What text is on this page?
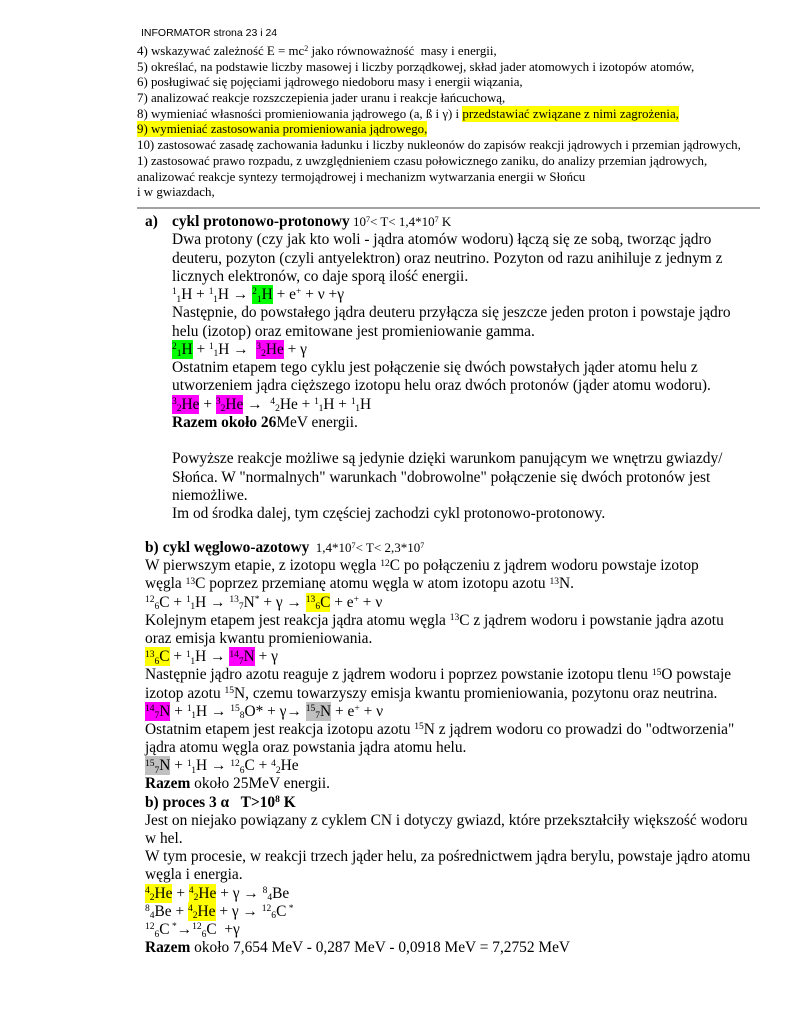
INFORMATOR strona 23 i 24
4) wskazywać zależność $E = mc^2$ jako równoważność  masy i energii,
5) określać, na podstawie liczby masowej i liczby porządkowej, skład jader atomowych i izotopów atomów,
6) posługiwać się pojęciami jądrowego niedoboru masy i energii wiązania,
7) analizować reakcje rozszczepienia jader uranu i reakcje łańcuchową,
8) wymieniać własności promieniowania jądrowego (a, ß i γ) i przedstawiać związane z nimi zagrożenia,
9) wymieniać zastosowania promieniowania jądrowego,
10) zastosować zasadę zachowania ładunku i liczby nukleonów do zapisów reakcji jądrowych i przemian jądrowych,
1) zastosować prawo rozpadu, z uwzględnieniem czasu połowicznego zaniku, do analizy przemian jądrowych,
analizować reakcje syntezy termojądrowej i mechanizm wytwarzania energii w Słońcu
i w gwiazdach,
a) cykl protonowo-protonowy $10^7< T< 1,4*10^7$ K
Dwa protony (czy jak kto woli - jądra atomów wodoru) łączą się ze sobą, tworząc jądro
deuteru, pozyton (czyli antyelektron) oraz neutrino. Pozyton od razu anihiluje z jednym z
licznych elektronów, co daje sporą ilość energii.
$^1_1$H + $^1_1$H → $^2_1$H + e+ + ν +γ
Następnie, do powstałego jądra deuteru przyłącza się jeszcze jeden proton i powstaje jądro
helu (izotop) oraz emitowane jest promieniowanie gamma.
$^2_1$H + $^1_1$H →  $^3_2$He + γ
Ostatnim etapem tego cyklu jest połączenie się dwóch powstałych jąder atomu helu z
utworzeniem jądra cięższego izotopu helu oraz dwóch protonów (jąder atomu wodoru).
$^3_2$He + $^3_2$He →  $^4_2$He + $^1_1$H + $^1_1$H
Razem około 26MeV energii.
Powyższe reakcje możliwe są jedynie dzięki warunkom panującym we wnętrzu gwiazdy/
Słońca. W "normalnych" warunkach "dobrowolne" połączenie się dwóch protonów jest
niemożliwe.
Im od środka dalej, tym częściej zachodzi cykl protonowo-protonowy.
b) cykl węglowo-azotowy  $1,4*10^7< T< 2,3*10^7$
W pierwszym etapie, z izotopu węgla $^{12}$C po połączeniu z jądrem wodoru powstaje izotop
węgla $^{13}$C poprzez przemianę atomu węgla w atom izotopu azotu $^{13}$N.
$^{12}_6$C + $^1_1$H → $^{13}_7$N* + γ → $^{13}_6$C + e+ + ν
Kolejnym etapem jest reakcja jądra atomu węgla $^{13}$C z jądrem wodoru i powstanie jądra azotu
oraz emisja kwantu promieniowania.
$^{13}_6$C + $^1_1$H → $^{14}_7$N + γ
Następnie jądro azotu reaguje z jądrem wodoru i poprzez powstanie izotopu tlenu $^{15}$O powstaje
izotop azotu $^{15}$N, czemu towarzyszy emisja kwantu promieniowania, pozytonu oraz neutrina.
$^{14}_7$N + $^1_1$H → $^{15}_8$O* + γ→ $^{15}_7$N + e+ + ν
Ostatnim etapem jest reakcja izotopu azotu $^{15}$N z jądrem wodoru co prowadzi do "odtworzenia"
jądra atomu węgla oraz powstania jądra atomu helu.
$^{15}_7$N + $^1_1$H → $^{12}_6$C + $^4_2$He
Razem około 25MeV energii.
b) proces 3 α   $T>10^8$ K
Jest on niejako powiązany z cyklem CN i dotyczy gwiazd, które przekształciły większość wodoru
w hel.
W tym procesie, w reakcji trzech jąder helu, za pośrednictwem jądra berylu, powstaje jądro atomu
węgla i energia.
$^4_2$He + $^4_2$He + γ → $^8_4$Be
$^8_4$Be + $^4_2$He + γ → $^{12}_6$C *
$^{12}_6$C *→$^{12}_6$C  +γ
Razem około 7,654 MeV - 0,287 MeV - 0,0918 MeV = 7,2752 MeV
